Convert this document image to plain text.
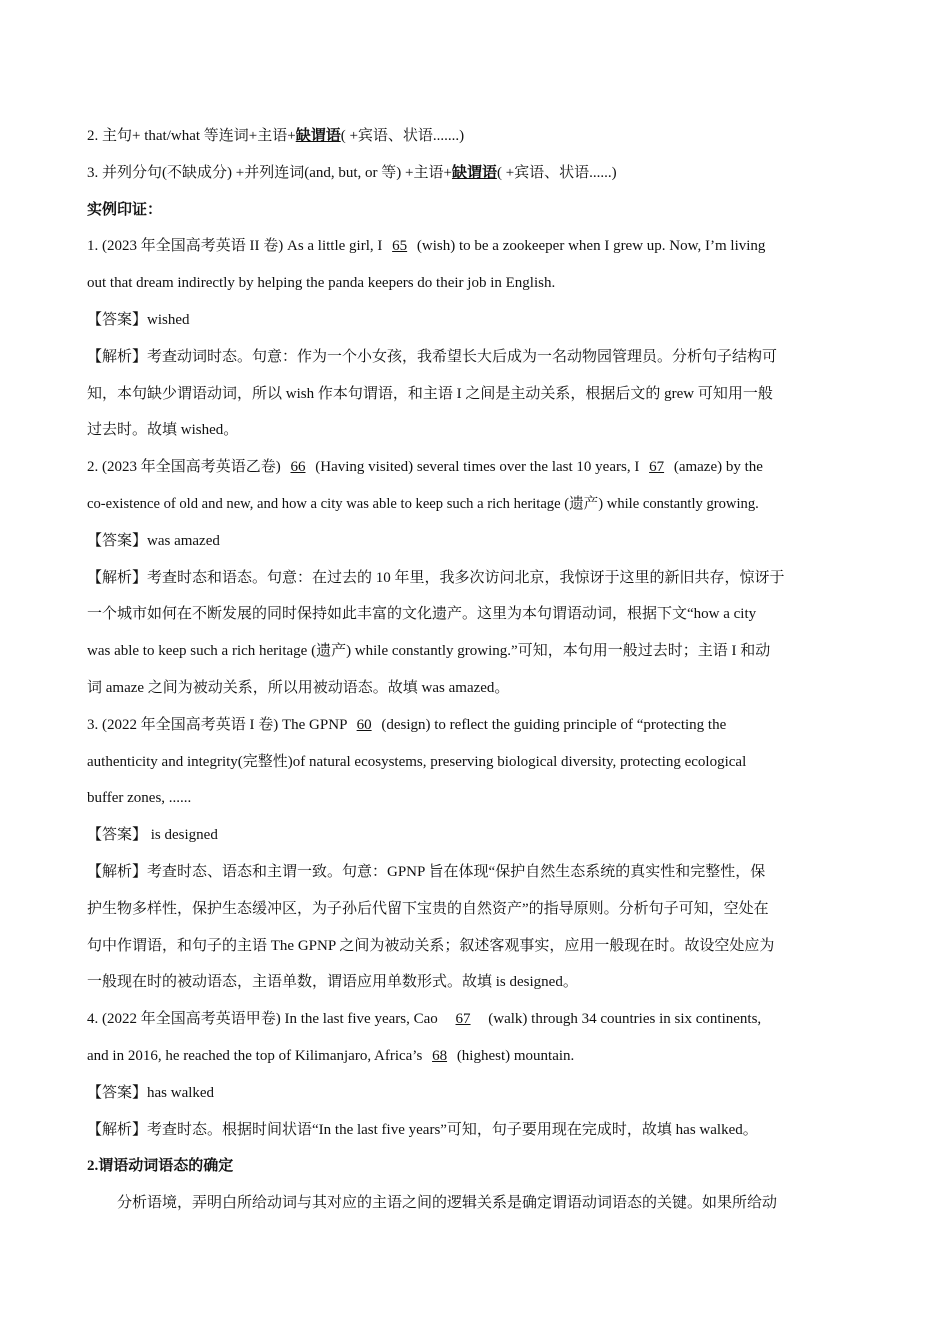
2. 主句+ that/what 等连词+主语+缺谓语( +宾语、状语.......)
3. 并列分句(不缺成分) +并列连词(and, but, or 等) +主语+缺谓语( +宾语、状语......)
实例印证：
1. (2023 年全国高考英语 II 卷) As a little girl, I 65 (wish) to be a zookeeper when I grew up. Now, I’m living
out that dream indirectly by helping the panda keepers do their job in English.
【答案】wished
【解析】考查动词时态。句意：作为一个小女孩，我希望长大后成为一名动物园管理员。分析句子结构可
知，本句缺少谓语动词，所以 wish 作本句谓语，和主语 I 之间是主动关系，根据后文的 grew 可知用一般
过去时。故填 wished。
2. (2023 年全国高考英语乙卷) 66 (Having visited) several times over the last 10 years, I 67 (amaze) by the
co-existence of old and new, and how a city was able to keep such a rich heritage (遗产) while constantly growing.
【答案】was amazed
【解析】考查时态和语态。句意：在过去的 10 年里，我多次访问北京，我惊讶于这里的新旧共存，惊讶于
一个城市如何在不断发展的同时保持如此丰富的文化遗产。这里为本句谓语动词，根据下文“how a city
was able to keep such a rich heritage (遗产) while constantly growing.”可知，本句用一般过去时；主语 I 和动
词 amaze 之间为被动关系，所以用被动语态。故填 was amazed。
3. (2022 年全国高考英语 I 卷) The GPNP 60 (design) to reflect the guiding principle of “protecting the
authenticity and integrity(完整性)of natural ecosystems, preserving biological diversity, protecting ecological
buffer zones, ......
【答案】 is designed
【解析】考查时态、语态和主谓一致。句意：GPNP 旨在体现“保护自然生态系统的真实性和完整性，保
护生物多样性，保护生态缓冲区，为子孙后代留下宝贵的自然资产”的指导原则。分析句子可知，空处在
句中作谓语，和句子的主语 The GPNP 之间为被动关系；叙述客观事实，应用一般现在时。故设空处应为
一般现在时的被动语态，主语单数，谓语应用单数形式。故填 is designed。
4. (2022 年全国高考英语甲卷) In the last five years, Cao 67 (walk) through 34 countries in six continents,
and in 2016, he reached the top of Kilimanjaro, Africa’s 68 (highest) mountain.
【答案】has walked
【解析】考查时态。根据时间状语“In the last five years”可知，句子要用现在完成时，故填 has walked。
2.谓语动词语态的确定
分析语境，弄明白所给动词与其对应的主语之间的逻辑关系是确定谓语动词语态的关键。如果所给动
